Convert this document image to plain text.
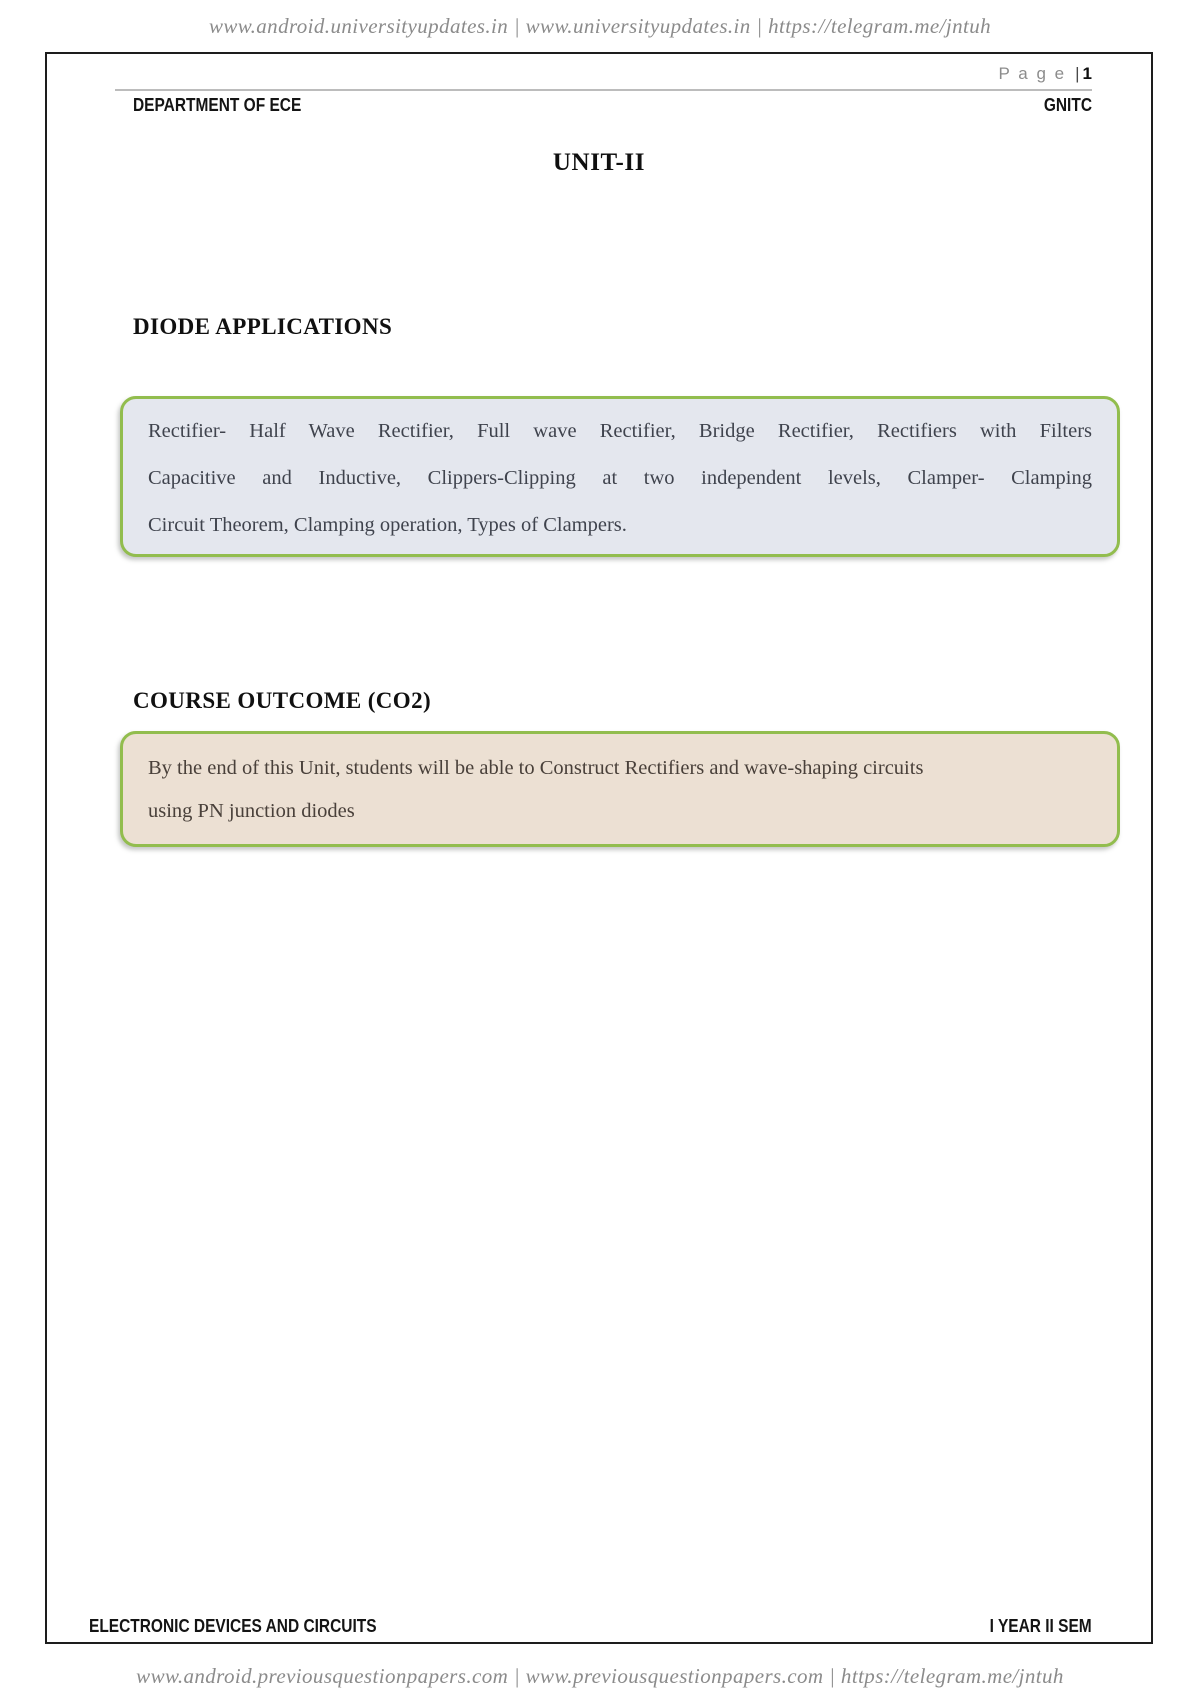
www.android.universityupdates.in | www.universityupdates.in | https://telegram.me/jntuh
P a g e | 1
DEPARTMENT OF ECE	GNITC
UNIT-II
DIODE APPLICATIONS
Rectifier- Half Wave Rectifier, Full wave Rectifier, Bridge Rectifier, Rectifiers with Filters
Capacitive and Inductive, Clippers-Clipping at two independent levels, Clamper- Clamping
Circuit Theorem, Clamping operation, Types of Clampers.
COURSE OUTCOME (CO2)
By the end of this Unit, students will be able to Construct Rectifiers and wave-shaping circuits
using PN junction diodes
ELECTRONIC DEVICES AND CIRCUITS	I YEAR II SEM
www.android.previousquestionpapers.com | www.previousquestionpapers.com | https://telegram.me/jntuh
